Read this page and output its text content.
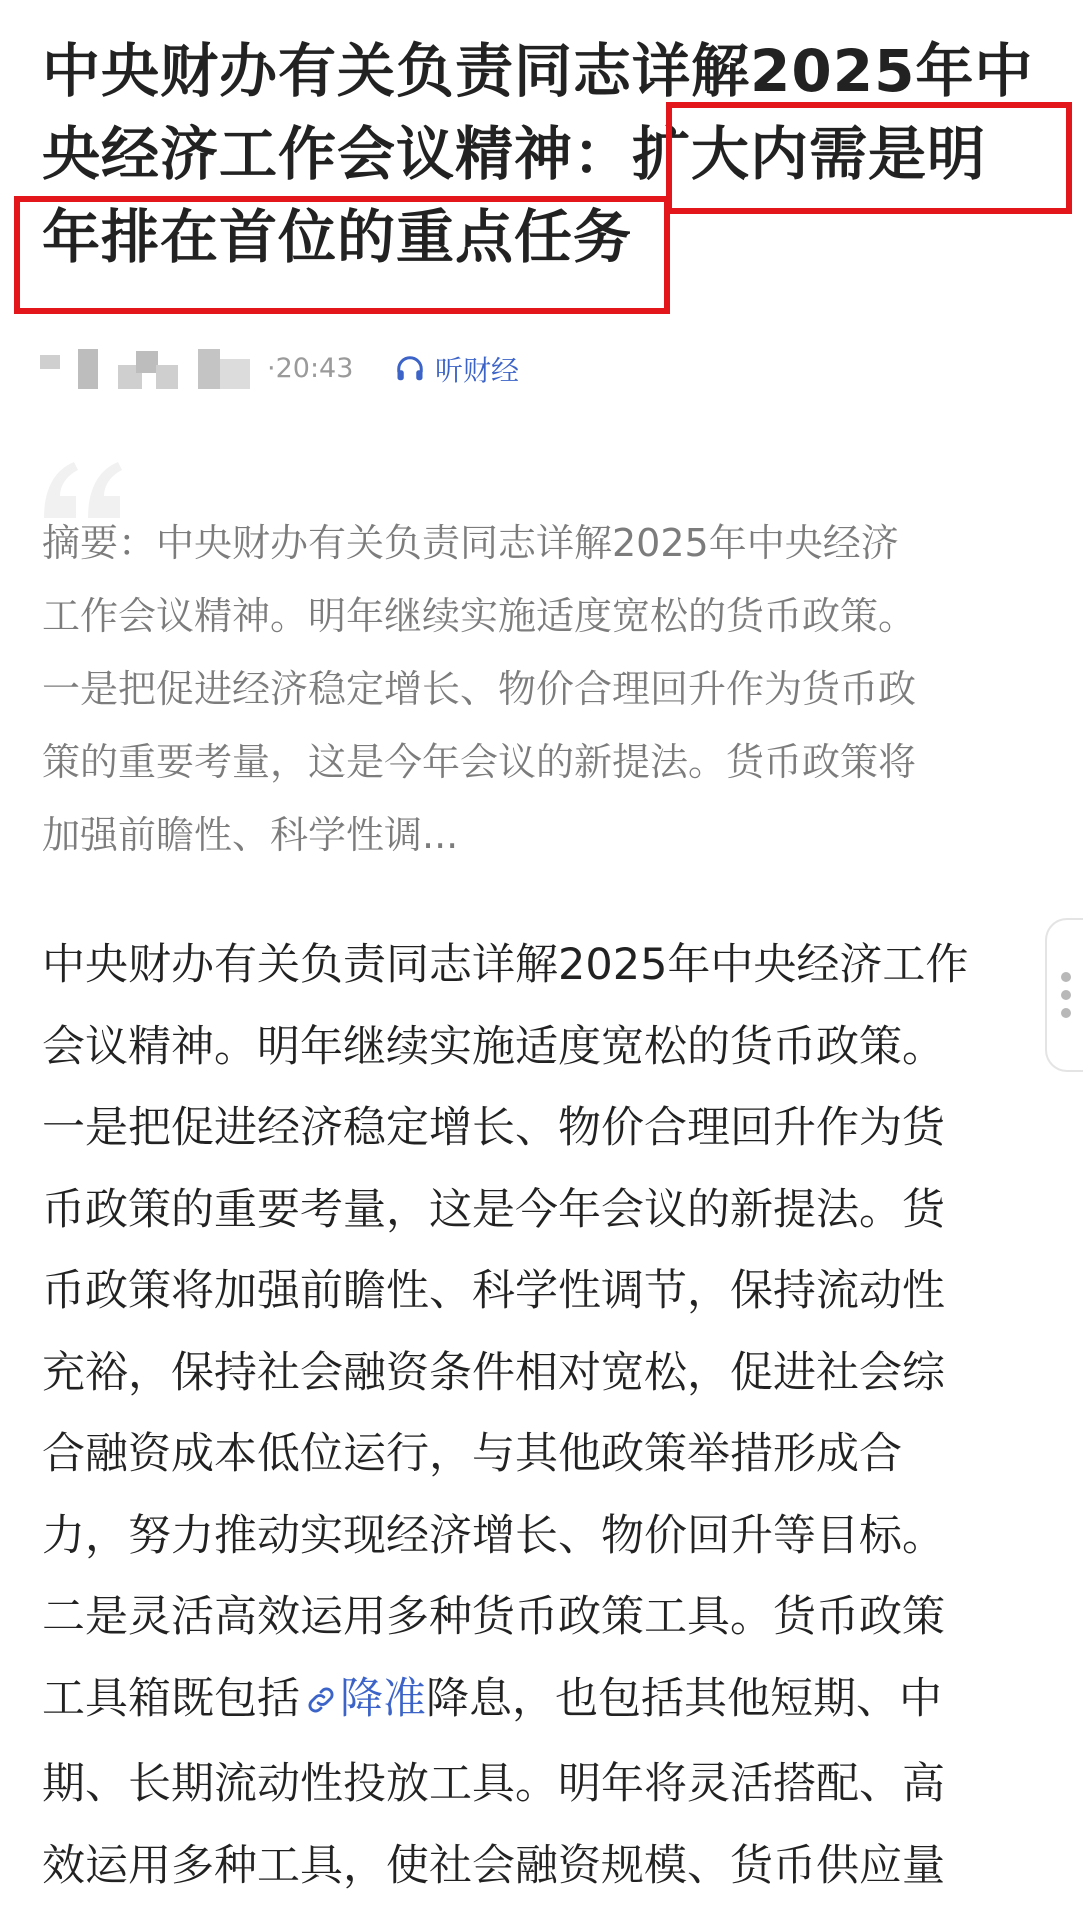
中央财办有关负责同志详解2025年中
央经济工作会议精神：扩大内需是明
年排在首位的重点任务
·20:43	听财经
摘要：中央财办有关负责同志详解2025年中央经济
工作会议精神。明年继续实施适度宽松的货币政策。
一是把促进经济稳定增长、物价合理回升作为货币政
策的重要考量，这是今年会议的新提法。货币政策将
加强前瞻性、科学性调...
中央财办有关负责同志详解2025年中央经济工作
会议精神。明年继续实施适度宽松的货币政策。
一是把促进经济稳定增长、物价合理回升作为货
币政策的重要考量，这是今年会议的新提法。货
币政策将加强前瞻性、科学性调节，保持流动性
充裕，保持社会融资条件相对宽松，促进社会综
合融资成本低位运行，与其他政策举措形成合
力，努力推动实现经济增长、物价回升等目标。
二是灵活高效运用多种货币政策工具。货币政策
工具箱既包括 降准降息，也包括其他短期、中
期、长期流动性投放工具。明年将灵活搭配、高
效运用多种工具，使社会融资规模、货币供应量
